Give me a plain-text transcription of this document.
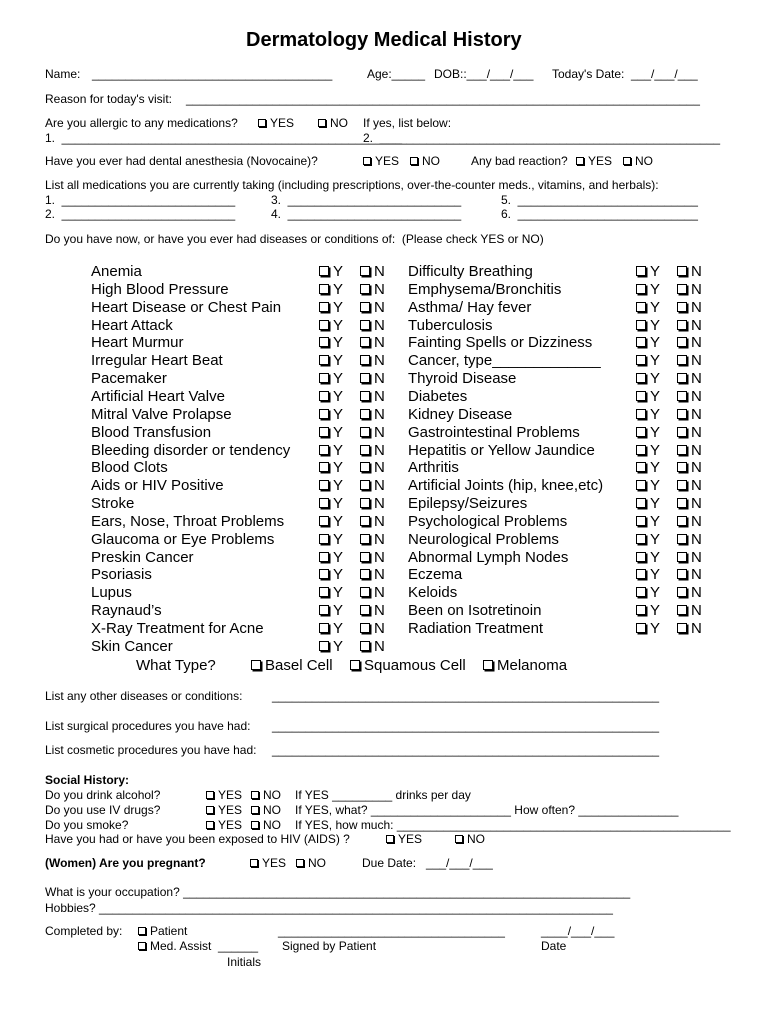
Dermatology Medical History
Name: ____________________________________	Age:_____ DOB::___/___/___ Today's Date:  ___/___/___
Reason for today's visit: _____________________________________________________________________________
Are you allergic to any medications?	YES	NO If yes, list below:
1.  ___________________________________________________
2.  ___________________________________________________
Have you ever had dental anesthesia (Novocaine)?	YES	NO	Any bad reaction?	YES	NO
List all medications you are currently taking (including prescriptions, over-the-counter meds., vitamins, and herbals):
1.  __________________________	3.  __________________________	5.  ___________________________
2.  __________________________	4.  __________________________	6.  ___________________________
Do you have now, or have you ever had diseases or conditions of:  (Please check YES or NO)
Anemia	Y	N
High Blood Pressure	Y	N
Heart Disease or Chest Pain	Y	N
Heart Attack	Y	N
Heart Murmur	Y	N
Irregular Heart Beat	Y	N
Pacemaker	Y	N
Artificial Heart Valve	Y	N
Mitral Valve Prolapse	Y	N
Blood Transfusion	Y	N
Bleeding disorder or tendency	Y	N
Blood Clots	Y	N
Aids or HIV Positive	Y	N
Stroke	Y	N
Ears, Nose, Throat Problems	Y	N
Glaucoma or Eye Problems	Y	N
Preskin Cancer	Y	N
Psoriasis	Y	N
Lupus	Y	N
Raynaud’s	Y	N
X-Ray Treatment for Acne	Y	N
Skin Cancer	Y	N
Difficulty Breathing	Y	N
Emphysema/Bronchitis	Y	N
Asthma/ Hay fever	Y	N
Tuberculosis	Y	N
Fainting Spells or Dizziness	Y	N
Cancer, type_____________	Y	N
Thyroid Disease	Y	N
Diabetes	Y	N
Kidney Disease	Y	N
Gastrointestinal Problems	Y	N
Hepatitis or Yellow Jaundice	Y	N
Arthritis	Y	N
Artificial Joints (hip, knee,etc)	Y	N
Epilepsy/Seizures	Y	N
Psychological Problems	Y	N
Neurological Problems	Y	N
Abnormal Lymph Nodes	Y	N
Eczema	Y	N
Keloids	Y	N
Been on Isotretinoin	Y	N
Radiation Treatment	Y	N
What Type?	Basel Cell	Squamous Cell	Melanoma
List any other diseases or conditions: __________________________________________________________
List surgical procedures you have had: __________________________________________________________
List cosmetic procedures you have had: __________________________________________________________
Social History:
Do you drink alcohol?	YES	NO If YES _________ drinks per day
Do you use IV drugs?	YES	NO If YES, what? _____________________ How often? _______________
Do you smoke?	YES	NO If YES, how much: __________________________________________________
Have you had or have you been exposed to HIV (AIDS) ?	YES	NO
(Women) Are you pregnant?	YES	NO	Due Date:   ___/___/___
What is your occupation? ___________________________________________________________________
Hobbies? _____________________________________________________________________________
Completed by:	Patient
Med. Assist  ______
Initials
__________________________________
Signed by Patient
____/___/___
Date
